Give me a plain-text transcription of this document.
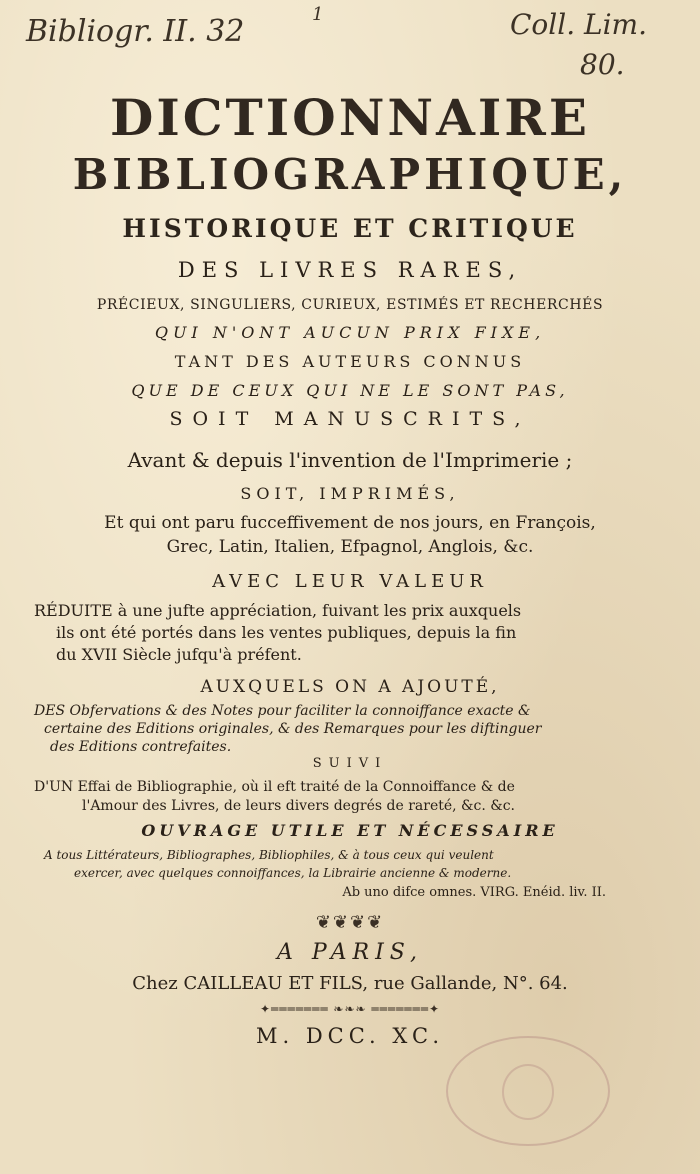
Bibliogr. II. 32	1	Coll. Lim.
80.
DICTIONNAIRE
BIBLIOGRAPHIQUE,
HISTORIQUE ET CRITIQUE
DES LIVRES RARES,
PRÉCIEUX, SINGULIERS, CURIEUX, ESTIMÉS ET RECHERCHÉS
QUI N'ONT AUCUN PRIX FIXE,
TANT DES AUTEURS CONNUS
QUE DE CEUX QUI NE LE SONT PAS,
SOIT MANUSCRITS,
Avant & depuis l'invention de l'Imprimerie ;
SOIT, IMPRIMÉS,
Et qui ont paru fucceffivement de nos jours, en François,
Grec, Latin, Italien, Efpagnol, Anglois, &c.
AVEC LEUR VALEUR
RÉDUITE à une jufte appréciation, fuivant les prix auxquels
ils ont été portés dans les ventes publiques, depuis la fin
du XVII Siècle jufqu'à préfent.
AUXQUELS ON A AJOUTÉ,
DES Obfervations & des Notes pour faciliter la connoiffance exacte &
certaine des Editions originales, & des Remarques pour les diftinguer
des Editions contrefaites.
SUIVI
D'UN Effai de Bibliographie, où il eft traité de la Connoiffance & de
l'Amour des Livres, de leurs divers degrés de rareté, &c. &c.
OUVRAGE UTILE ET NÉCESSAIRE
A tous Littérateurs, Bibliographes, Bibliophiles, & à tous ceux qui veulent
exercer, avec quelques connoiffances, la Librairie ancienne & moderne.
Ab uno difce omnes. VIRG. Enéid. liv. II.
❦❦❦❦
A PARIS,
Chez CAILLEAU ET FILS, rue Gallande, N°. 64.
✦═══════ ❧❧❧ ═══════✦
M. DCC. XC.
